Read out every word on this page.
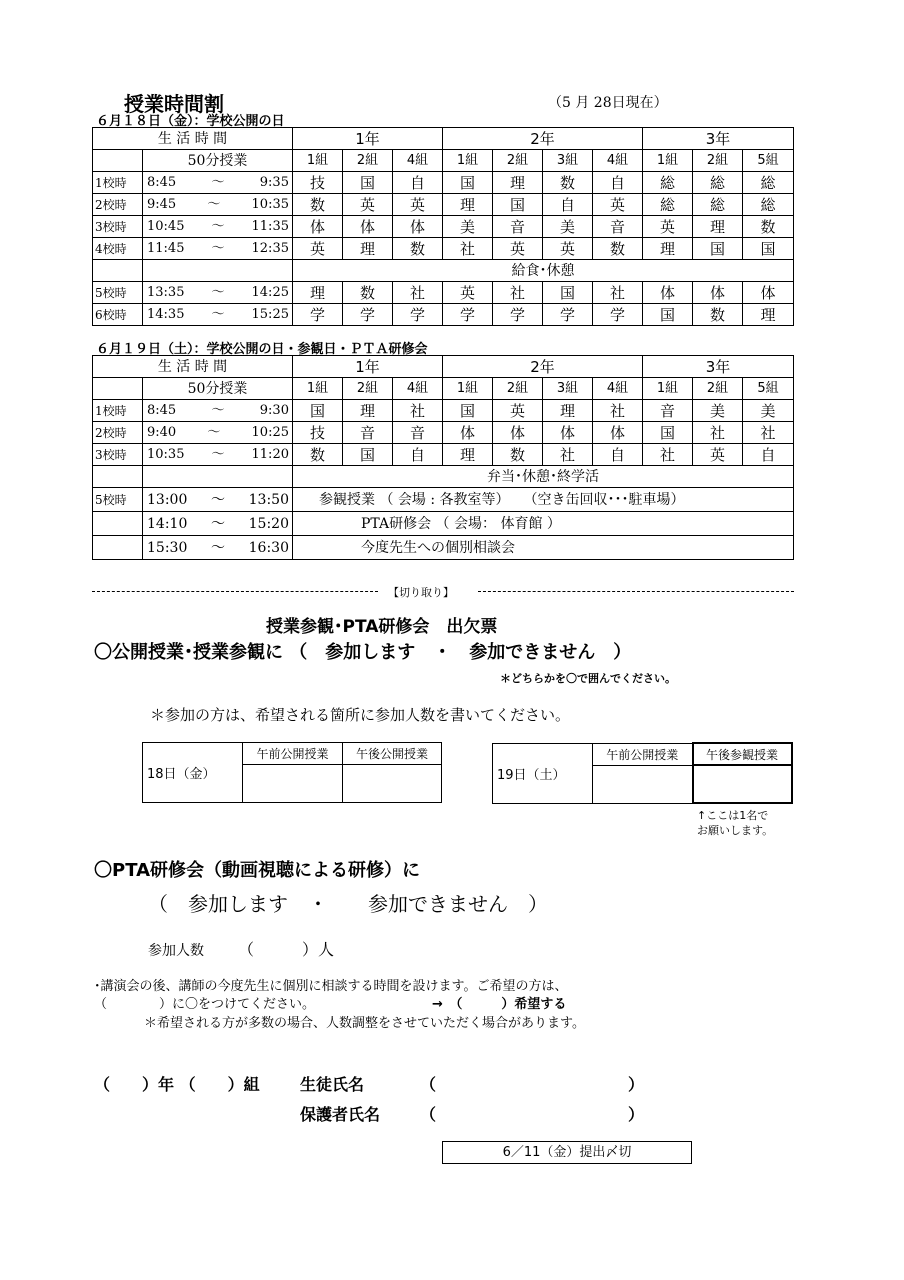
授業時間割	（5 月 28日現在）
６月１８日（金）：学校公開の日
生 活 時 間		1年			2年				3年		
	50分授業	1組	2組	4組	1組	2組	3組	4組	1組	2組	5組
1校時	8:45 ～ 9:35	技	国	自	国	理	数	自	総	総	総
2校時	9:45 ～ 10:35	数	英	英	理	国	自	英	総	総	総
3校時	10:45 ～ 11:35	体	体	体	美	音	美	音	英	理	数
4校時	11:45 ～ 12:35	英	理	数	社	英	英	数	理	国	国
		給食･休憩									
5校時	13:35 ～ 14:25	理	数	社	英	社	国	社	体	体	体
6校時	14:35 ～ 15:25	学	学	学	学	学	学	学	国	数	理
６月１９日（土）：学校公開の日・参観日・ＰＴＡ研修会
生 活 時 間		1年			2年				3年		
	50分授業	1組	2組	4組	1組	2組	3組	4組	1組	2組	5組
1校時	8:45 ～ 9:30	国	理	社	国	英	理	社	音	美	美
2校時	9:40 ～ 10:25	技	音	音	体	体	体	体	国	社	社
3校時	10:35 ～ 11:20	数	国	自	理	数	社	自	社	英	自
		弁当･休憩･終学活									
5校時	13:00 ～ 13:50	参観授業 （ 会場 : 各教室等）　　（空き缶回収･･･駐車場）									

	14:10 ～ 15:20	PTA研修会 （ 会場： 体育館 ）									

	15:30 ～ 16:30	今度先生への個別相談会									
【切り取り】
授業参観･PTA研修会　出欠票
〇公開授業･授業参観に （　参加します　・　参加できません　）
＊どちらかを〇で囲んでください。
＊参加の方は、希望される箇所に参加人数を書いてください。
18日（金）	午前公開授業	午後公開授業

19日（土）	午前公開授業	午後参観授業

↑ここは1名で
お願いします。
〇PTA研修会（動画視聴による研修）に
（　参加します　・　　参加できません　）
参加人数 （　　　）人
･講演会の後、講師の今度先生に個別に相談する時間を設けます。ご希望の方は、
（　　　　）に〇をつけてください。	→　（　　　）希望する
＊希望される方が多数の場合、人数調整をさせていただく場合があります。
（　　）年 （　　）組	生徒氏名	（　　　　　　　　　　　　）
保護者氏名 （　　　　　　　　　　　　）
6／11（金）提出〆切
